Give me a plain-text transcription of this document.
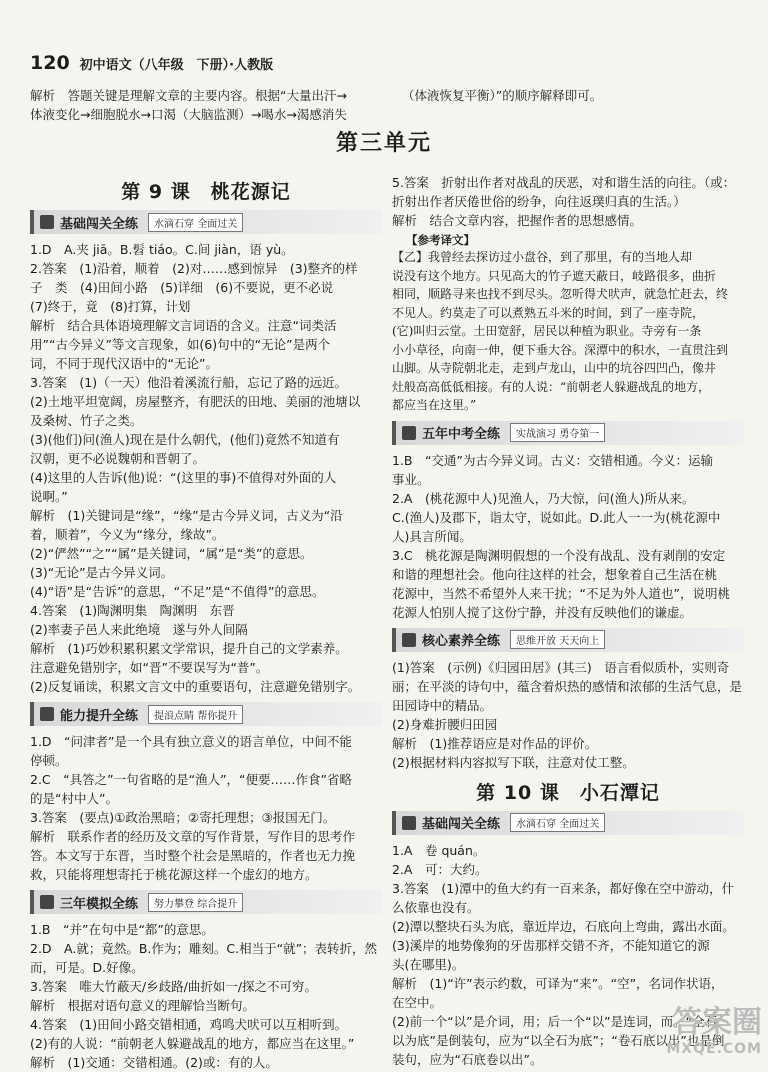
120 初中语文（八年级　下册）·人教版

解析　答题关键是理解文章的主要内容。根据“大量出汗→

体液变化→细胞脱水→口渴（大脑监测）→喝水→渴感消失

（体液恢复平衡）”的顺序解释即可。

第三单元
第 9 课　桃花源记
基础闯关全练	水滴石穿 全面过关

1.D　A.夹 jiā。B.髫 tiáo。C.间 jiàn，语 yù。

2.答案　(1)沿着，顺着　(2)对……感到惊异　(3)整齐的样

子　类　(4)田间小路　(5)详细　(6)不要说，更不必说

(7)终于，竟　(8)打算，计划

解析　结合具体语境理解文言词语的含义。注意“词类活

用”“古今异义”等文言现象，如(6)句中的“无论”是两个

词，不同于现代汉语中的“无论”。

3.答案　(1)（一天）他沿着溪流行船，忘记了路的远近。

(2)土地平坦宽阔，房屋整齐，有肥沃的田地、美丽的池塘以

及桑树、竹子之类。

(3)(他们)问(渔人)现在是什么朝代，(他们)竟然不知道有

汉朝，更不必说魏朝和晋朝了。

(4)这里的人告诉(他)说：“(这里的事)不值得对外面的人

说啊。”

解析　(1)关键词是“缘”，“缘”是古今异义词，古义为“沿

着，顺着”，今义为“缘分，缘故”。

(2)“俨然”“之”“属”是关键词，“属”是“类”的意思。

(3)“无论”是古今异义词。

(4)“语”是“告诉”的意思，“不足”是“不值得”的意思。

4.答案　(1)陶渊明集　陶渊明　东晋

(2)率妻子邑人来此绝境　遂与外人间隔

解析　(1)巧妙积累积累文学常识，提升自己的文学素养。

注意避免错别字，如“晋”不要误写为“普”。

(2)反复诵读，积累文言文中的重要语句，注意避免错别字。

能力提升全练	提浪点睛 帮你提升

1.D　“问津者”是一个具有独立意义的语言单位，中间不能

停顿。

2.C　“具答之”一句省略的是“渔人”，“便要……作食”省略

的是“村中人”。

3.答案　(要点)①政治黑暗；②寄托理想；③报国无门。

解析　联系作者的经历及文章的写作背景，写作目的思考作

答。本文写于东晋，当时整个社会是黑暗的，作者也无力挽

救，只能将理想寄托于桃花源这样一个虚幻的地方。

三年模拟全练	努力攀登 综合提升

1.B　“并”在句中是“都”的意思。

2.D　A.就；竟然。B.作为；雕刻。C.相当于“就”；表转折，然

而，可是。D.好像。

3.答案　唯大竹蔽天/乡歧路/曲折如一/探之不可穷。

解析　根据对语句意义的理解恰当断句。

4.答案　(1)田间小路交错相通，鸡鸣犬吠可以互相听到。

(2)有的人说：“前朝老人躲避战乱的地方，都应当在这里。”

解析　(1)交通：交错相通。(2)或：有的人。

5.答案　折射出作者对战乱的厌恶，对和谐生活的向往。（或：

折射出作者厌倦世俗的纷争，向往返璞归真的生活。）

解析　结合文章内容，把握作者的思想感情。

【参考译文】

【乙】我曾经去探访过小盘谷，到了那里，有的当地人却

说没有这个地方。只见高大的竹子遮天蔽日，岐路很多，曲折

相同，顺路寻来也找不到尽头。忽听得犬吠声，就急忙赶去，终

不见人。约莫走了可以煮熟五斗米的时间，到了一座寺院，

(它)叫归云堂。土田宽舒，居民以种植为职业。寺旁有一条

小小草径，向南一伸，便下垂大谷。深潭中的积水，一直贯注到

山脚。从寺院朝北走，走到卢龙山，山中的坑谷四凹凸，像井

灶般高高低低相接。有的人说：“前朝老人躲避战乱的地方，

都应当在这里。”

五年中考全练	实战演习 勇夺第一

1.B　“交通”为古今异义词。古义：交错相通。今义：运输

事业。

2.A　(桃花源中人)见渔人，乃大惊，问(渔人)所从来。

C.(渔人)及郡下，诣太守，说如此。D.此人一一为(桃花源中

人)具言所闻。

3.C　桃花源是陶渊明假想的一个没有战乱、没有剥削的安定

和谐的理想社会。他向往这样的社会，想象着自己生活在桃

花源中，当然不希望外人来干扰；“不足为外人道也”，说明桃

花源人怕别人搅了这份宁静，并没有反映他们的谦虚。

核心素养全练	思维开放 天天向上

(1)答案　(示例)《归园田居》(其三)　语言看似质朴，实则奇

丽；在平淡的诗句中，蕴含着炽热的感情和浓郁的生活气息，是

田园诗中的精品。

(2)身难折腰归田园

解析　(1)推荐语应是对作品的评价。

(2)根据材料内容拟写下联，注意对仗工整。

第 10 课　小石潭记
基础闯关全练	水滴石穿 全面过关

1.A　卷 quán。

2.A　可：大约。

3.答案　(1)潭中的鱼大约有一百来条，都好像在空中游动，什

么依靠也没有。

(2)潭以整块石头为底，靠近岸边，石底向上弯曲，露出水面。

(3)溪岸的地势像狗的牙齿那样交错不齐，不能知道它的源

头(在哪里)。

解析　(1)“许”表示约数，可译为“来”。“空”，名词作状语，

在空中。

(2)前一个“以”是介词，用；后一个“以”是连词，而。“全石

以为底”是倒装句，应为“以全石为底”；“卷石底以出”也是倒

装句，应为“石底卷以出”。

答案圈
MXQE.COM
